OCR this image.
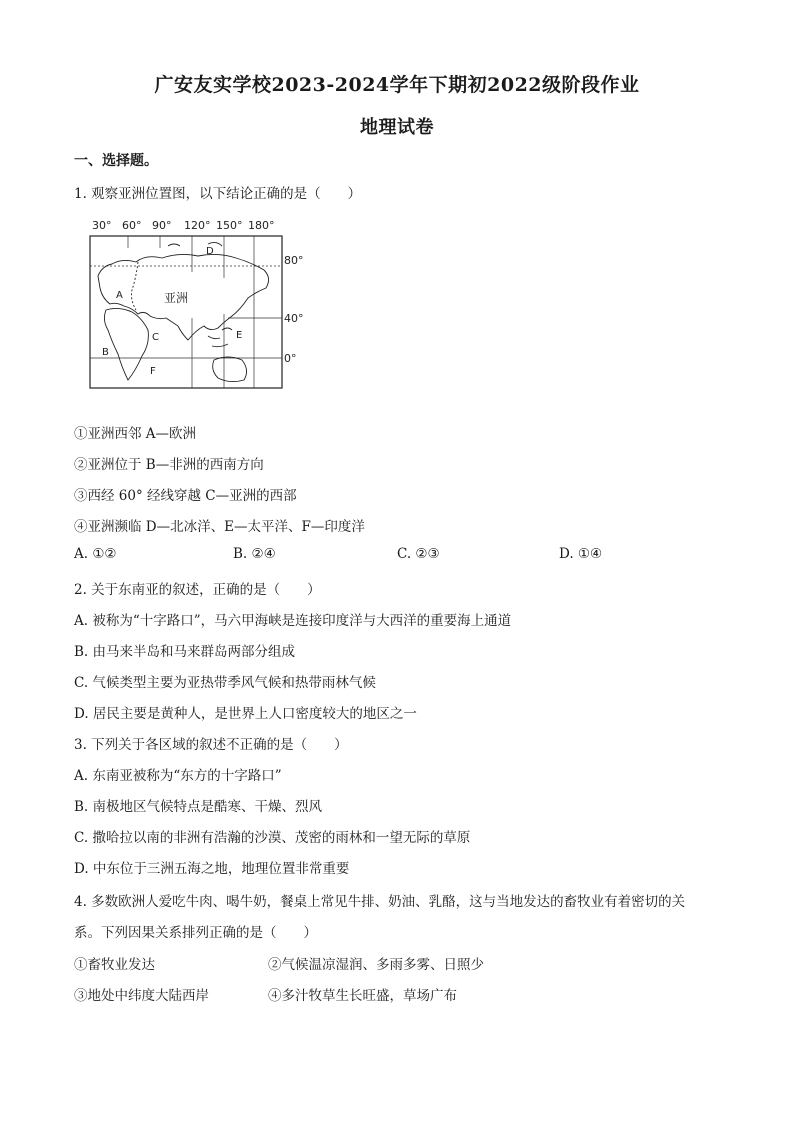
广安友实学校2023-2024学年下期初2022级阶段作业
地理试卷
一、选择题。
1. 观察亚洲位置图，以下结论正确的是（　　）
30° 60° 90° 120° 150° 180°
A
B
C
D
E
F
亚洲
80°
40°
0°
①亚洲西邻 A—欧洲
②亚洲位于 B—非洲的西南方向
③西经 60° 经线穿越 C—亚洲的西部
④亚洲濒临 D—北冰洋、E—太平洋、F—印度洋
A. ①②	B. ②④	C. ②③	D. ①④
2. 关于东南亚的叙述，正确的是（　　）
A. 被称为“十字路口”，马六甲海峡是连接印度洋与大西洋的重要海上通道
B. 由马来半岛和马来群岛两部分组成
C. 气候类型主要为亚热带季风气候和热带雨林气候
D. 居民主要是黄种人，是世界上人口密度较大的地区之一
3. 下列关于各区域的叙述不正确的是（　　）
A. 东南亚被称为“东方的十字路口”
B. 南极地区气候特点是酷寒、干燥、烈风
C. 撒哈拉以南的非洲有浩瀚的沙漠、茂密的雨林和一望无际的草原
D. 中东位于三洲五海之地，地理位置非常重要
4. 多数欧洲人爱吃牛肉、喝牛奶，餐桌上常见牛排、奶油、乳酪，这与当地发达的畜牧业有着密切的关
系。下列因果关系排列正确的是（　　）
①畜牧业发达	②气候温凉湿润、多雨多雾、日照少
③地处中纬度大陆西岸	④多汁牧草生长旺盛，草场广布
